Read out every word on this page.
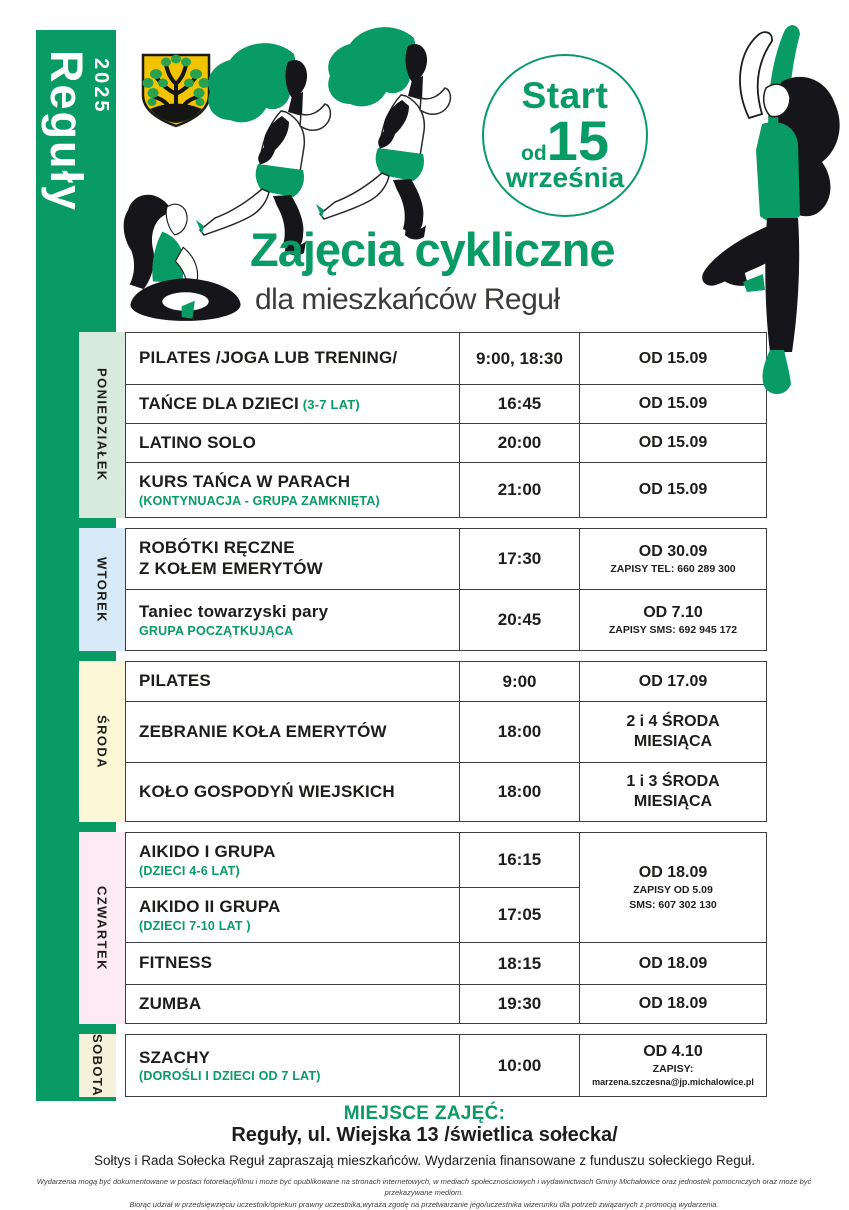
Reguły
2025	Start
od15
września
Zajęcia cykliczne
dla mieszkańców Reguł
PONIEDZIAŁEK
PILATES /JOGA LUB TRENING/	9:00, 18:30	OD 15.09

TAŃCE DLA DZIECI (3-7 LAT)	16:45	OD 15.09

LATINO SOLO	20:00	OD 15.09

KURS TAŃCA W PARACH
(KONTYNUACJA - GRUPA ZAMKNIĘTA)	21:00	OD 15.09
WTOREK
ROBÓTKI RĘCZNE
Z KOŁEM EMERYTÓW
	17:30	OD 30.09
ZAPISY TEL: 660 289 300

Taniec towarzyski pary
GRUPA POCZĄTKUJĄCA
	20:45	OD 7.10
ZAPISY SMS: 692 945 172
ŚRODA
PILATES	9:00	OD 17.09

ZEBRANIE KOŁA EMERYTÓW	18:00	2 i 4 ŚRODA
MIESIĄCA

KOŁO GOSPODYŃ WIEJSKICH	18:00	1 i 3 ŚRODA
MIESIĄCA
CZWARTEK
AIKIDO I GRUPA
(DZIECI 4-6 LAT)
	16:15	
OD 18.09
ZAPISY OD 5.09
SMS: 607 302 130

AIKIDO II GRUPA
(DZIECI 7-10 LAT )	17:05	

FITNESS	18:15	OD 18.09

ZUMBA	19:30	OD 18.09
SOBOTA SZACHY
(DOROŚLI I DZIECI OD 7 LAT)
	10:00	
OD 4.10
ZAPISY:
marzena.szczesna@jp.michalowice.pl
MIEJSCE ZAJĘĆ:
Reguły, ul. Wiejska 13 /świetlica sołecka/
Sołtys i Rada Sołecka Reguł zapraszają mieszkańców. Wydarzenia finansowane z funduszu sołeckiego Reguł.
Wydarzenia mogą być dokumentowane w postaci fotorelacji/filmu i może być opublikowane na stronach internetowych, w mediach społecznościowych i wydawnictwach Gminy Michałowice oraz jednostek pomocniczych oraz może być przekazywane mediom.
Biorąc udział w przedsięwzięciu uczestnik/opiekun prawny uczestnika,wyraża zgodę na przetwarzanie jego/uczestnika wizerunku dla potrzeb związanych z promocją wydarzenia.
